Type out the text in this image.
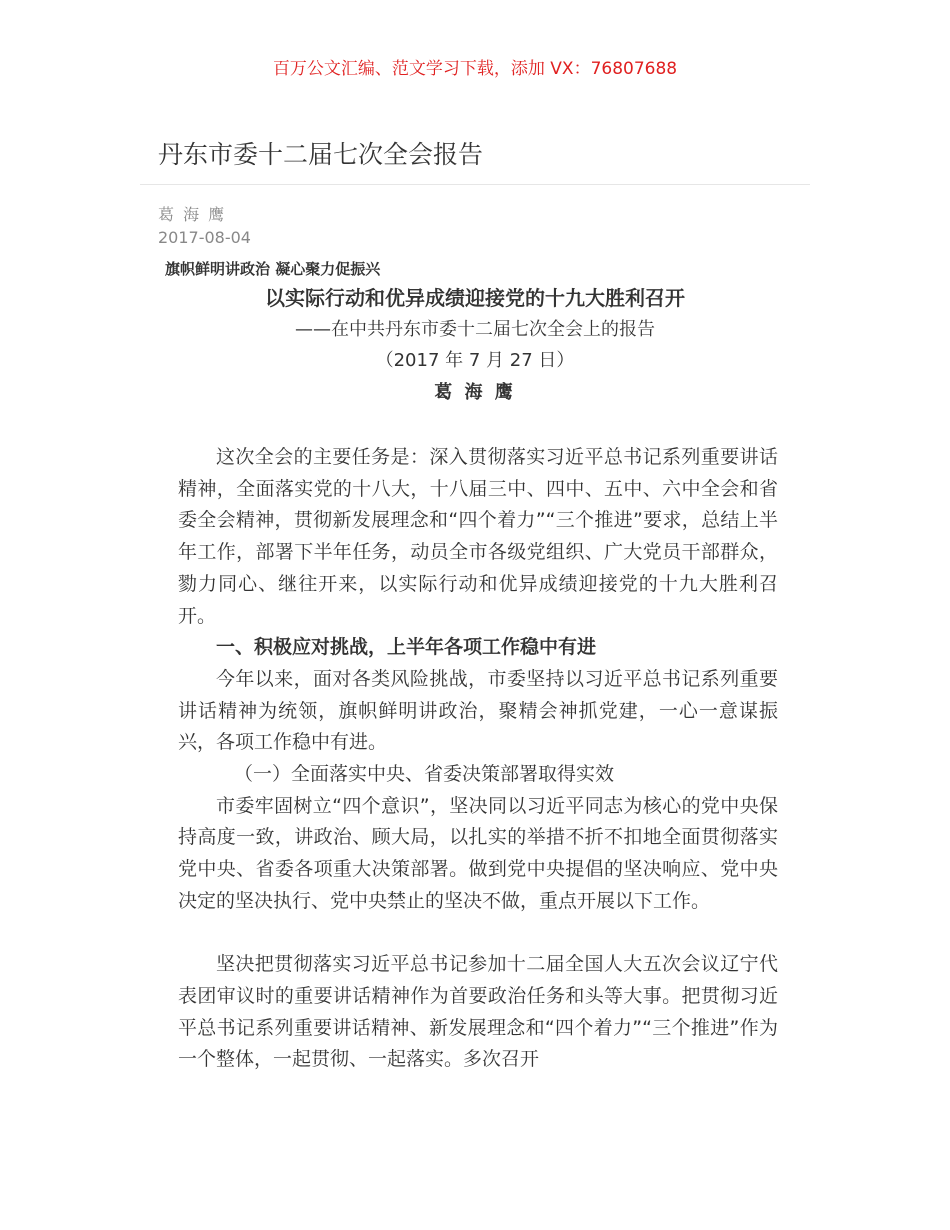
百万公文汇编、范文学习下载，添加 VX：76807688
丹东市委十二届七次全会报告
葛 海 鹰
2017-08-04
旗帜鲜明讲政治 凝心聚力促振兴
以实际行动和优异成绩迎接党的十九大胜利召开
——在中共丹东市委十二届七次全会上的报告
（2017 年 7 月 27 日）
葛 海 鹰

这次全会的主要任务是：深入贯彻落实习近平总书记系列重要讲话精神，全面落实党的十八大，十八届三中、四中、五中、六中全会和省委全会精神，贯彻新发展理念和“四个着力”“三个推进”要求，总结上半年工作，部署下半年任务，动员全市各级党组织、广大党员干部群众，勠力同心、继往开来，以实际行动和优异成绩迎接党的十九大胜利召开。

一、积极应对挑战，上半年各项工作稳中有进

今年以来，面对各类风险挑战，市委坚持以习近平总书记系列重要讲话精神为统领，旗帜鲜明讲政治，聚精会神抓党建，一心一意谋振兴，各项工作稳中有进。

（一）全面落实中央、省委决策部署取得实效

市委牢固树立“四个意识”，坚决同以习近平同志为核心的党中央保持高度一致，讲政治、顾大局，以扎实的举措不折不扣地全面贯彻落实党中央、省委各项重大决策部署。做到党中央提倡的坚决响应、党中央决定的坚决执行、党中央禁止的坚决不做，重点开展以下工作。

坚决把贯彻落实习近平总书记参加十二届全国人大五次会议辽宁代表团审议时的重要讲话精神作为首要政治任务和头等大事。把贯彻习近平总书记系列重要讲话精神、新发展理念和“四个着力”“三个推进”作为一个整体，一起贯彻、一起落实。多次召开
